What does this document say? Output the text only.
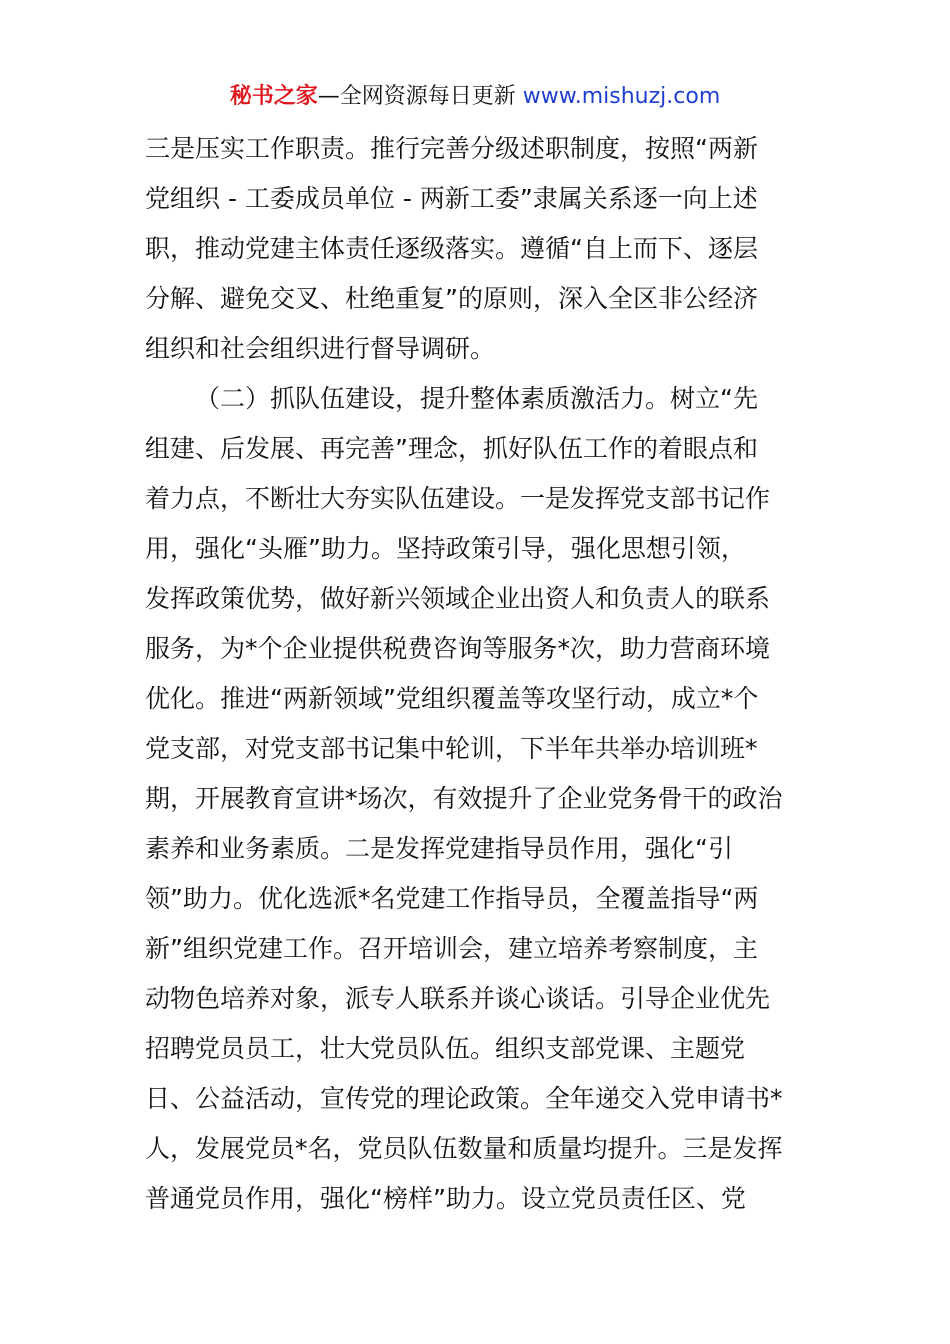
秘书之家—全网资源每日更新 www.mishuzj.com
三是压实工作职责。推行完善分级述职制度，按照“两新
党组织 - 工委成员单位 - 两新工委”隶属关系逐一向上述
职，推动党建主体责任逐级落实。遵循“自上而下、逐层
分解、避免交叉、杜绝重复”的原则，深入全区非公经济
组织和社会组织进行督导调研。
（二）抓队伍建设，提升整体素质激活力。树立“先
组建、后发展、再完善”理念，抓好队伍工作的着眼点和
着力点，不断壮大夯实队伍建设。一是发挥党支部书记作
用，强化“头雁”助力。坚持政策引导，强化思想引领，
发挥政策优势，做好新兴领域企业出资人和负责人的联系
服务，为*个企业提供税费咨询等服务*次，助力营商环境
优化。推进“两新领域”党组织覆盖等攻坚行动，成立*个
党支部，对党支部书记集中轮训，下半年共举办培训班*
期，开展教育宣讲*场次，有效提升了企业党务骨干的政治
素养和业务素质。二是发挥党建指导员作用，强化“引
领”助力。优化选派*名党建工作指导员，全覆盖指导“两
新”组织党建工作。召开培训会，建立培养考察制度，主
动物色培养对象，派专人联系并谈心谈话。引导企业优先
招聘党员员工，壮大党员队伍。组织支部党课、主题党
日、公益活动，宣传党的理论政策。全年递交入党申请书*
人，发展党员*名，党员队伍数量和质量均提升。三是发挥
普通党员作用，强化“榜样”助力。设立党员责任区、党
